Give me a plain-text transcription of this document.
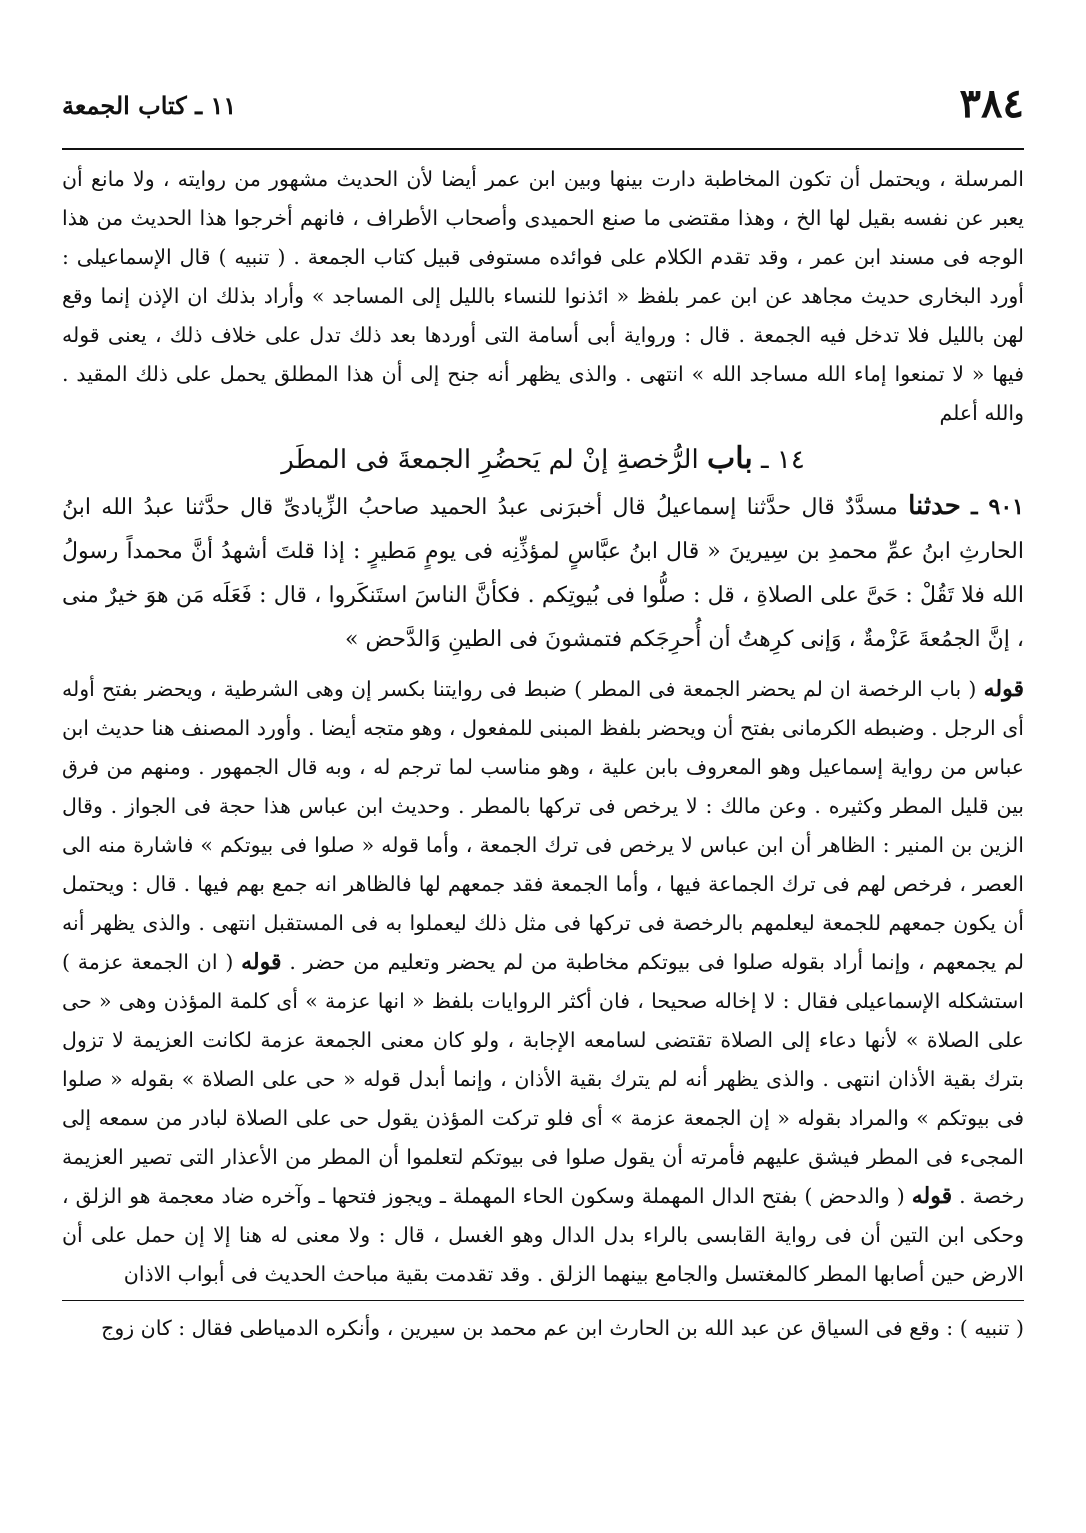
٣٨٤
١١ ـ كتاب الجمعة

المرسلة ، ويحتمل أن تكون المخاطبة دارت بينها وبين ابن عمر أيضا لأن الحديث مشهور من روايته ، ولا مانع أن يعبر عن نفسه بقيل لها الخ ، وهذا مقتضى ما صنع الحميدى وأصحاب الأطراف ، فانهم أخرجوا هذا الحديث من هذا الوجه فى مسند ابن عمر ، وقد تقدم الكلام على فوائده مستوفى قبيل كتاب الجمعة . ( تنبيه ) قال الإسماعيلى : أورد البخارى حديث مجاهد عن ابن عمر بلفظ « ائذنوا للنساء بالليل إلى المساجد » وأراد بذلك ان الإذن إنما وقع لهن بالليل فلا تدخل فيه الجمعة . قال : ورواية أبى أسامة التى أوردها بعد ذلك تدل على خلاف ذلك ، يعنى قوله فيها « لا تمنعوا إماء الله مساجد الله » انتهى . والذى يظهر أنه جنح إلى أن هذا المطلق يحمل على ذلك المقيد . والله أعلم

١٤ ـ باب الرُّخصةِ إنْ لم يَحضُرِ الجمعةَ فى المطَر

٩٠١ ـ حدثنا مسدَّدٌ قال حدَّثنا إسماعيلُ قال أخبرَنى عبدُ الحميد صاحبُ الزِّيادىِّ قال حدَّثنا عبدُ الله ابنُ الحارثِ ابنُ عمِّ محمدِ بن سِيرينَ « قال ابنُ عبَّاسٍ لمؤذِّنِه فى يومٍ مَطيرٍ : إذا قلتَ أشهدُ أنَّ محمداً رسولُ الله فلا تَقُلْ : حَىَّ على الصلاةِ ، قل : صلُّوا فى بُيوتِكم . فكأنَّ الناسَ استَنكَروا ، قال : فَعَلَه مَن هوَ خيرٌ منى ، إنَّ الجمُعةَ عَزْمةٌ ، وَإنى كرِهتُ أن أُحرِجَكم فتمشونَ فى الطينِ وَالدَّحض »

قوله ( باب الرخصة ان لم يحضر الجمعة فى المطر ) ضبط فى روايتنا بكسر إن وهى الشرطية ، ويحضر بفتح أوله أى الرجل . وضبطه الكرمانى بفتح أن ويحضر بلفظ المبنى للمفعول ، وهو متجه أيضا . وأورد المصنف هنا حديث ابن عباس من رواية إسماعيل وهو المعروف بابن علية ، وهو مناسب لما ترجم له ، وبه قال الجمهور . ومنهم من فرق بين قليل المطر وكثيره . وعن مالك : لا يرخص فى تركها بالمطر . وحديث ابن عباس هذا حجة فى الجواز . وقال الزين بن المنير : الظاهر أن ابن عباس لا يرخص فى ترك الجمعة ، وأما قوله « صلوا فى بيوتكم » فاشارة منه الى العصر ، فرخص لهم فى ترك الجماعة فيها ، وأما الجمعة فقد جمعهم لها فالظاهر انه جمع بهم فيها . قال : ويحتمل أن يكون جمعهم للجمعة ليعلمهم بالرخصة فى تركها فى مثل ذلك ليعملوا به فى المستقبل انتهى . والذى يظهر أنه لم يجمعهم ، وإنما أراد بقوله صلوا فى بيوتكم مخاطبة من لم يحضر وتعليم من حضر . قوله ( ان الجمعة عزمة ) استشكله الإسماعيلى فقال : لا إخاله صحيحا ، فان أكثر الروايات بلفظ « انها عزمة » أى كلمة المؤذن وهى « حى على الصلاة » لأنها دعاء إلى الصلاة تقتضى لسامعه الإجابة ، ولو كان معنى الجمعة عزمة لكانت العزيمة لا تزول بترك بقية الأذان انتهى . والذى يظهر أنه لم يترك بقية الأذان ، وإنما أبدل قوله « حى على الصلاة » بقوله « صلوا فى بيوتكم » والمراد بقوله « إن الجمعة عزمة » أى فلو تركت المؤذن يقول حى على الصلاة لبادر من سمعه إلى المجىء فى المطر فيشق عليهم فأمرته أن يقول صلوا فى بيوتكم لتعلموا أن المطر من الأعذار التى تصير العزيمة رخصة . قوله ( والدحض ) بفتح الدال المهملة وسكون الحاء المهملة ـ ويجوز فتحها ـ وآخره ضاد معجمة هو الزلق ، وحكى ابن التين أن فى رواية القابسى بالراء بدل الدال وهو الغسل ، قال : ولا معنى له هنا إلا إن حمل على أن الارض حين أصابها المطر كالمغتسل والجامع بينهما الزلق . وقد تقدمت بقية مباحث الحديث فى أبواب الاذان

( تنبيه ) : وقع فى السياق عن عبد الله بن الحارث ابن عم محمد بن سيرين ، وأنكره الدمياطى فقال : كان زوج
